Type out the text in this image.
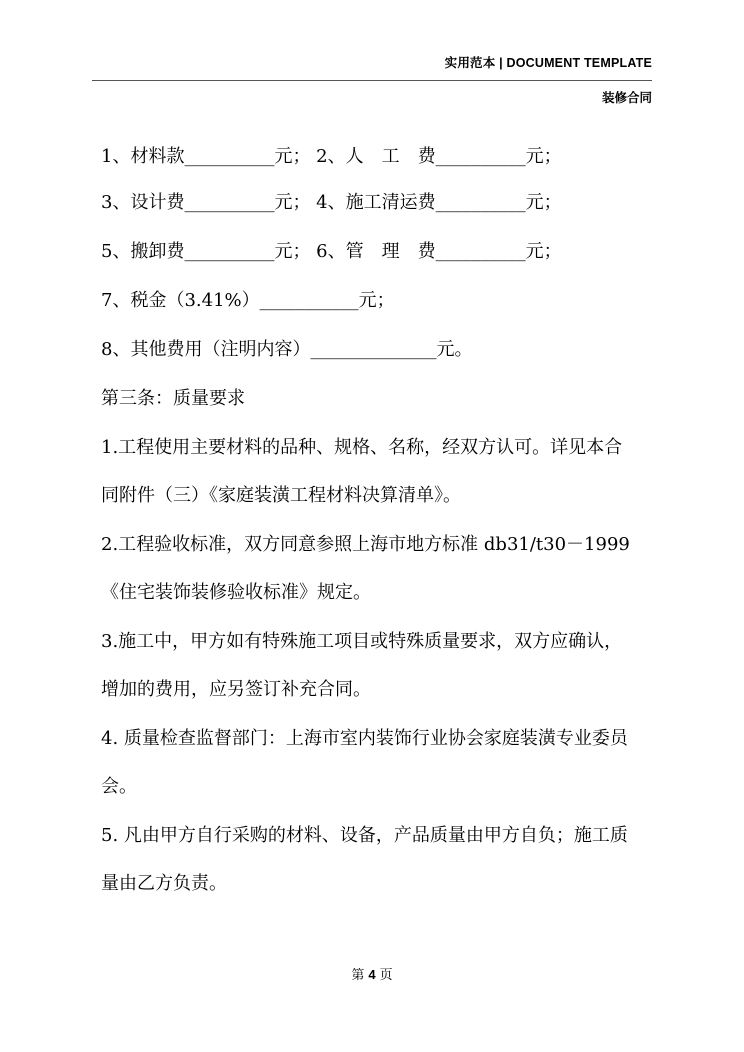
实用范本 | DOCUMENT TEMPLATE
装修合同
1、材料款__________元； 2、人　工　费__________元；
3、设计费__________元； 4、施工清运费__________元；
5、搬卸费__________元； 6、管　理　费__________元；
7、税金（3.41%）___________元；
8、其他费用（注明内容）______________元。
第三条：质量要求
1.工程使用主要材料的品种、规格、名称，经双方认可。详见本合
同附件（三）《家庭装潢工程材料决算清单》。
2.工程验收标准，双方同意参照上海市地方标准 db31/t30－1999
《住宅装饰装修验收标准》规定。
3.施工中，甲方如有特殊施工项目或特殊质量要求，双方应确认，
增加的费用，应另签订补充合同。
4. 质量检查监督部门：上海市室内装饰行业协会家庭装潢专业委员
会。
5. 凡由甲方自行采购的材料、设备，产品质量由甲方自负；施工质
量由乙方负责。
第 4 页
